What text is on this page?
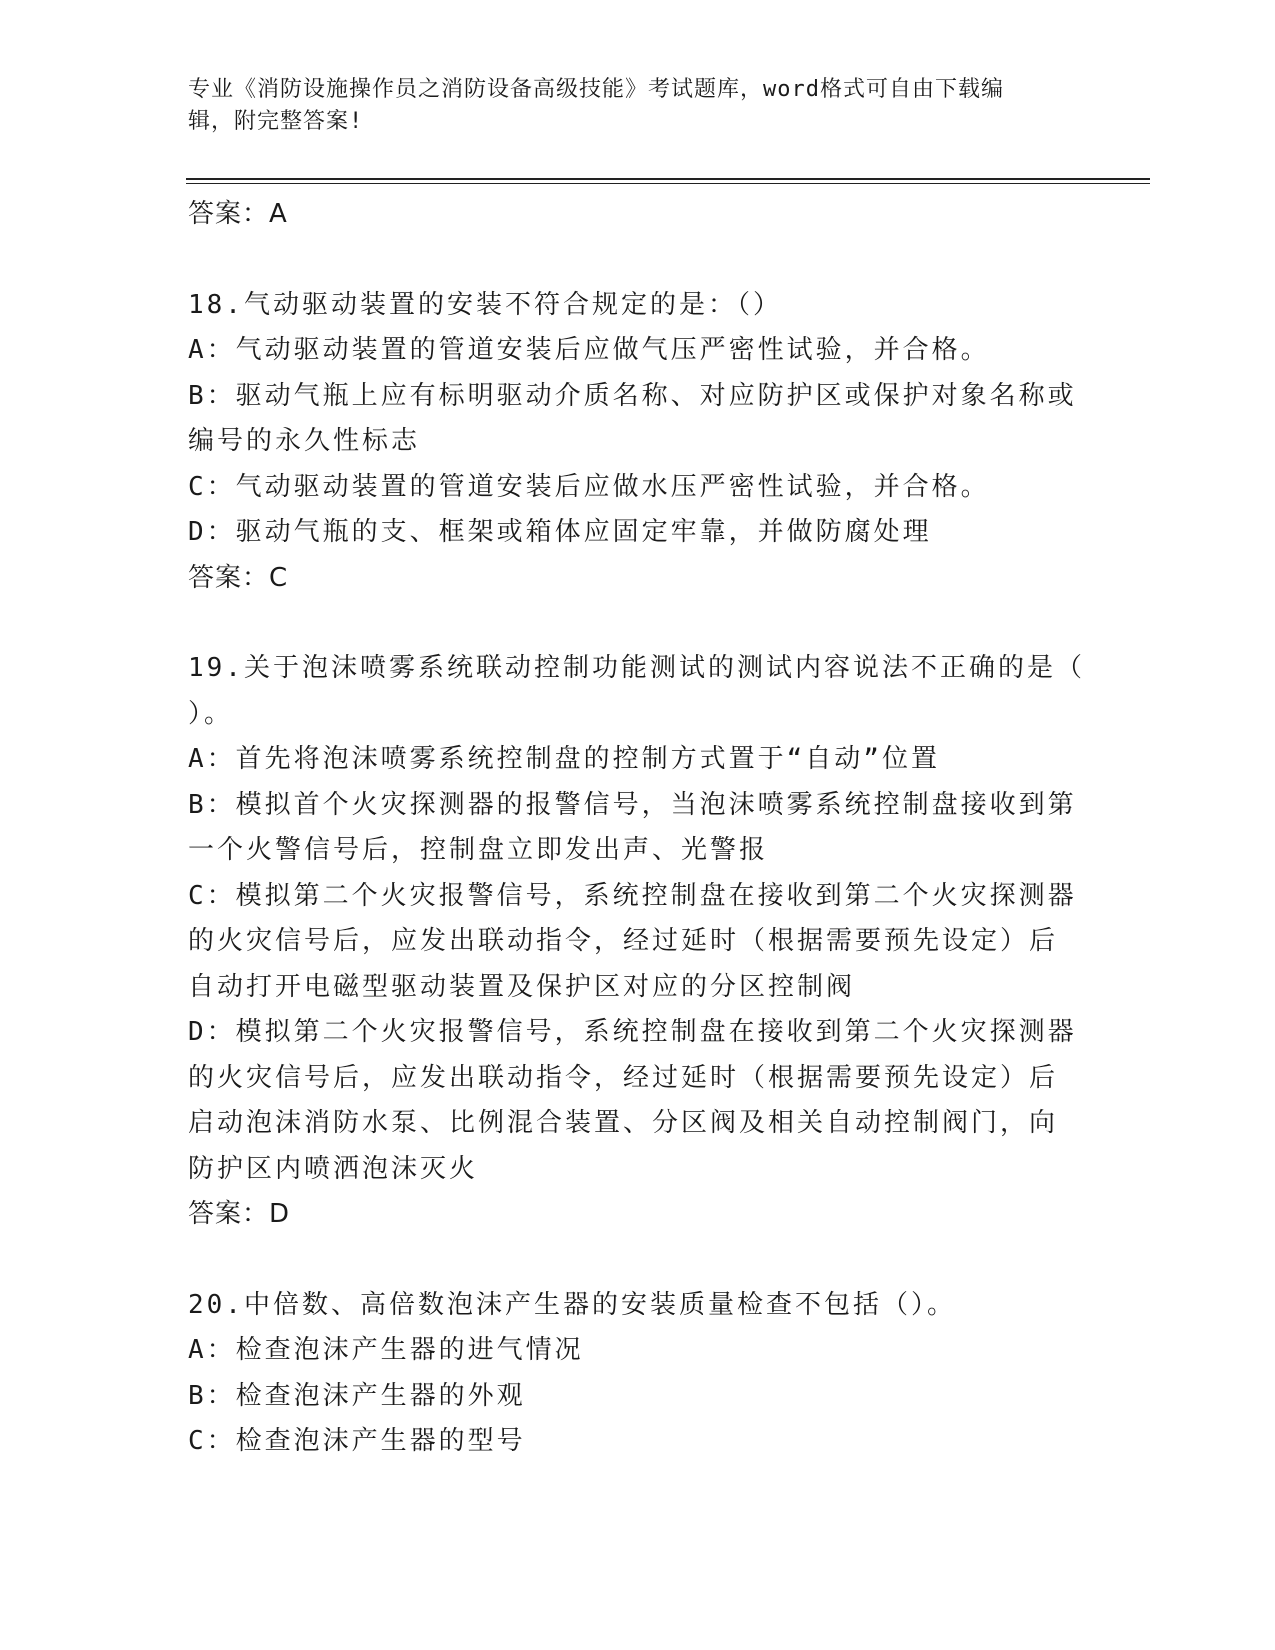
专业《消防设施操作员之消防设备高级技能》考试题库，word格式可自由下载编
辑，附完整答案!
答案：A
18.气动驱动装置的安装不符合规定的是：（）
A：气动驱动装置的管道安装后应做气压严密性试验，并合格。
B：驱动气瓶上应有标明驱动介质名称、对应防护区或保护对象名称或
编号的永久性标志
C：气动驱动装置的管道安装后应做水压严密性试验，并合格。
D：驱动气瓶的支、框架或箱体应固定牢靠，并做防腐处理
答案：C
19.关于泡沫喷雾系统联动控制功能测试的测试内容说法不正确的是（
）。
A：首先将泡沫喷雾系统控制盘的控制方式置于“自动”位置
B：模拟首个火灾探测器的报警信号，当泡沫喷雾系统控制盘接收到第
一个火警信号后，控制盘立即发出声、光警报
C：模拟第二个火灾报警信号，系统控制盘在接收到第二个火灾探测器
的火灾信号后，应发出联动指令，经过延时（根据需要预先设定）后
自动打开电磁型驱动装置及保护区对应的分区控制阀
D：模拟第二个火灾报警信号，系统控制盘在接收到第二个火灾探测器
的火灾信号后，应发出联动指令，经过延时（根据需要预先设定）后
启动泡沫消防水泵、比例混合装置、分区阀及相关自动控制阀门，向
防护区内喷洒泡沫灭火
答案：D
20.中倍数、高倍数泡沫产生器的安装质量检查不包括（）。
A：检查泡沫产生器的进气情况
B：检查泡沫产生器的外观
C：检查泡沫产生器的型号
